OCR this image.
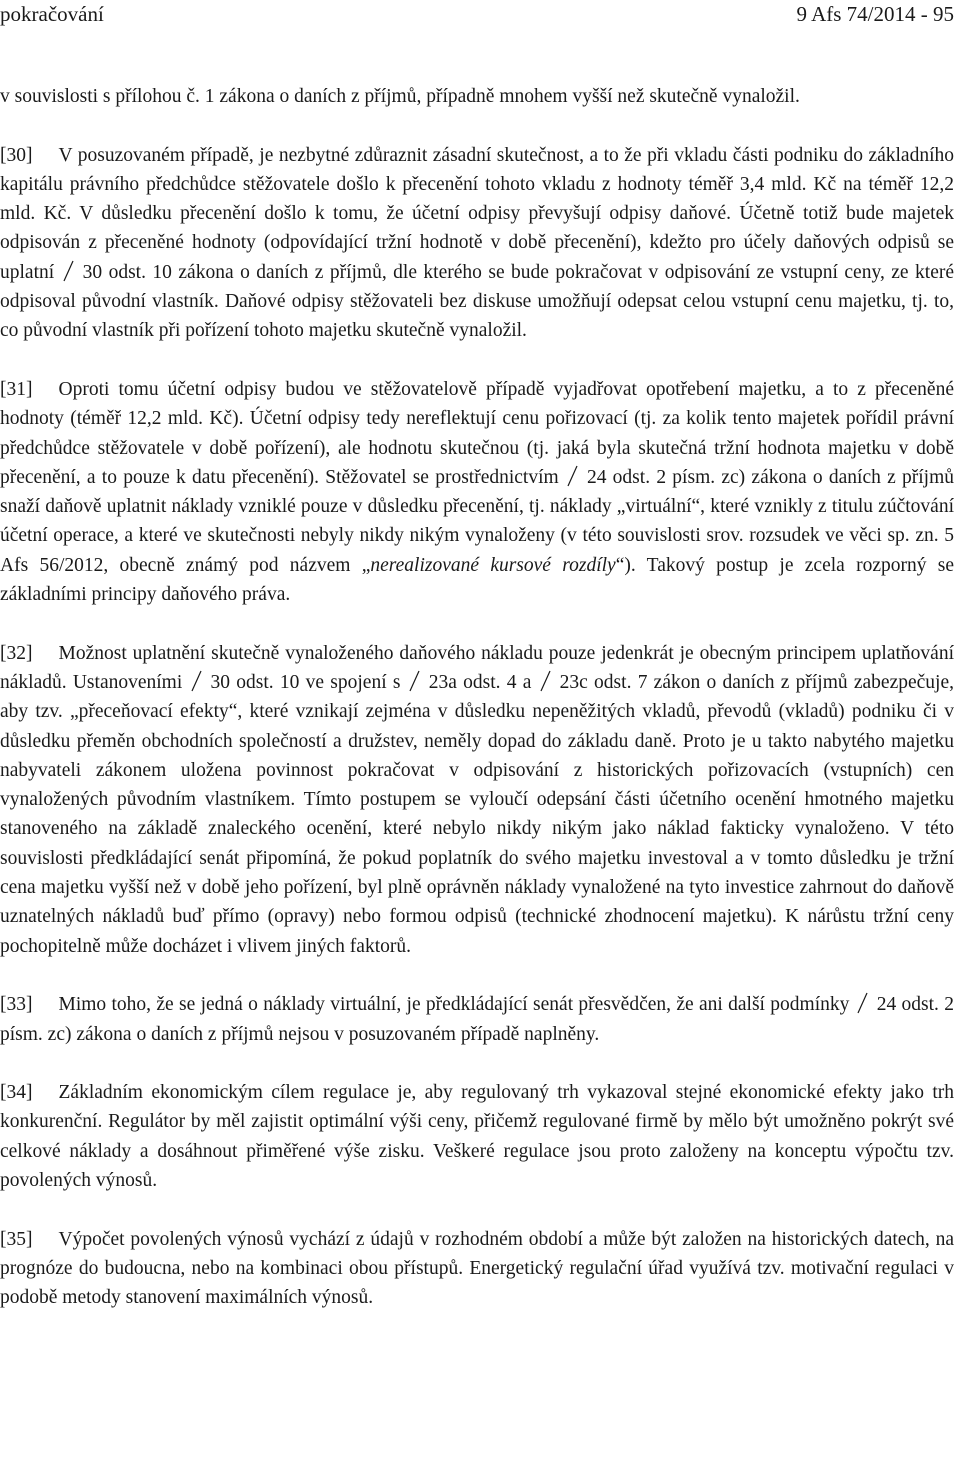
pokračování	9 Afs 74/2014 - 95

v souvislosti s přílohou č. 1 zákona o daních z příjmů, případně mnohem vyšší než skutečně vynaložil.

[30] V posuzovaném případě, je nezbytné zdůraznit zásadní skutečnost, a to že při vkladu části podniku do základního kapitálu právního předchůdce stěžovatele došlo k přecenění tohoto vkladu z hodnoty téměř 3,4 mld. Kč na téměř 12,2 mld. Kč. V důsledku přecenění došlo k tomu, že účetní odpisy převyšují odpisy daňové. Účetně totiž bude majetek odpisován z přeceněné hodnoty (odpovídající tržní hodnotě v době přecenění), kdežto pro účely daňových odpisů se uplatní 30 odst. 10 zákona o daních z příjmů, dle kterého se bude pokračovat v odpisování ze vstupní ceny, ze které odpisoval původní vlastník. Daňové odpisy stěžovateli bez diskuse umožňují odepsat celou vstupní cenu majetku, tj. to, co původní vlastník při pořízení tohoto majetku skutečně vynaložil.

[31] Oproti tomu účetní odpisy budou ve stěžovatelově případě vyjadřovat opotřebení majetku, a to z přeceněné hodnoty (téměř 12,2 mld. Kč). Účetní odpisy tedy nereflektují cenu pořizovací (tj. za kolik tento majetek pořídil právní předchůdce stěžovatele v době pořízení), ale hodnotu skutečnou (tj. jaká byla skutečná tržní hodnota majetku v době přecenění, a to pouze k datu přecenění). Stěžovatel se prostřednictvím 24 odst. 2 písm. zc) zákona o daních z příjmů snaží daňově uplatnit náklady vzniklé pouze v důsledku přecenění, tj. náklady „virtuální“, které vznikly z titulu zúčtování účetní operace, a které ve skutečnosti nebyly nikdy nikým vynaloženy (v této souvislosti srov. rozsudek ve věci sp. zn. 5 Afs 56/2012, obecně známý pod názvem „nerealizované kursové rozdíly“). Takový postup je zcela rozporný se základními principy daňového práva.

[32] Možnost uplatnění skutečně vynaloženého daňového nákladu pouze jedenkrát je obecným principem uplatňování nákladů. Ustanoveními 30 odst. 10 ve spojení s 23a odst. 4 a 23c odst. 7 zákon o daních z příjmů zabezpečuje, aby tzv. „přeceňovací efekty“, které vznikají zejména v důsledku nepeněžitých vkladů, převodů (vkladů) podniku či v důsledku přeměn obchodních společností a družstev, neměly dopad do základu daně. Proto je u takto nabytého majetku nabyvateli zákonem uložena povinnost pokračovat v odpisování z historických pořizovacích (vstupních) cen vynaložených původním vlastníkem. Tímto postupem se vyloučí odepsání části účetního ocenění hmotného majetku stanoveného na základě znaleckého ocenění, které nebylo nikdy nikým jako náklad fakticky vynaloženo. V této souvislosti předkládající senát připomíná, že pokud poplatník do svého majetku investoval a v tomto důsledku je tržní cena majetku vyšší než v době jeho pořízení, byl plně oprávněn náklady vynaložené na tyto investice zahrnout do daňově uznatelných nákladů buď přímo (opravy) nebo formou odpisů (technické zhodnocení majetku). K nárůstu tržní ceny pochopitelně může docházet i vlivem jiných faktorů.

[33] Mimo toho, že se jedná o náklady virtuální, je předkládající senát přesvědčen, že ani další podmínky 24 odst. 2 písm. zc) zákona o daních z příjmů nejsou v posuzovaném případě naplněny.

[34] Základním ekonomickým cílem regulace je, aby regulovaný trh vykazoval stejné ekonomické efekty jako trh konkurenční. Regulátor by měl zajistit optimální výši ceny, přičemž regulované firmě by mělo být umožněno pokrýt své celkové náklady a dosáhnout přiměřené výše zisku. Veškeré regulace jsou proto založeny na konceptu výpočtu tzv. povolených výnosů.

[35] Výpočet povolených výnosů vychází z údajů v rozhodném období a může být založen na historických datech, na prognóze do budoucna, nebo na kombinaci obou přístupů. Energetický regulační úřad využívá tzv. motivační regulaci v podobě metody stanovení maximálních výnosů.
